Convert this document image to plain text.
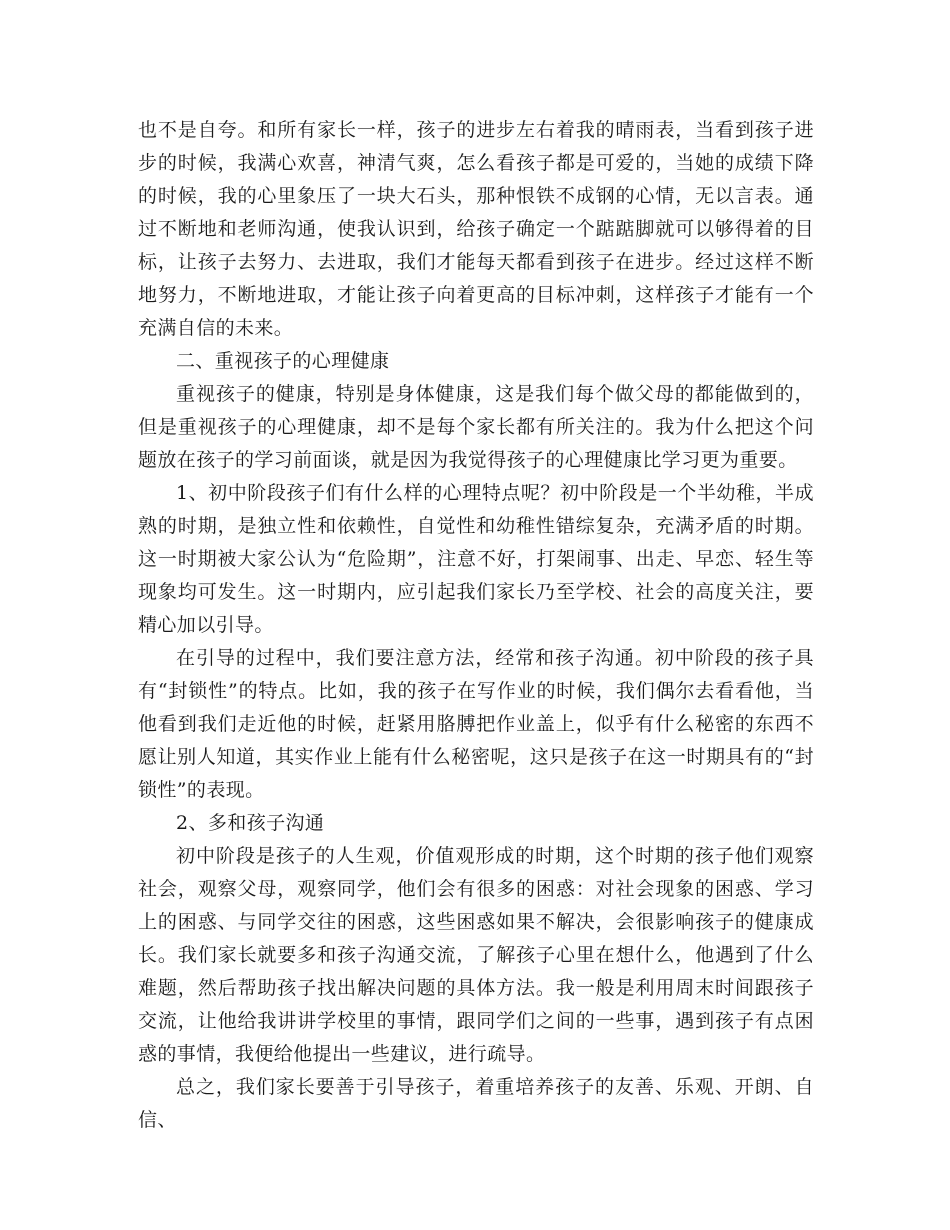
也不是自夸。和所有家长一样，孩子的进步左右着我的晴雨表，当看到孩子进步的时候，我满心欢喜，神清气爽，怎么看孩子都是可爱的，当她的成绩下降的时候，我的心里象压了一块大石头，那种恨铁不成钢的心情，无以言表。通过不断地和老师沟通，使我认识到，给孩子确定一个踮踮脚就可以够得着的目标，让孩子去努力、去进取，我们才能每天都看到孩子在进步。经过这样不断地努力，不断地进取，才能让孩子向着更高的目标冲刺，这样孩子才能有一个充满自信的未来。

二、重视孩子的心理健康

重视孩子的健康，特别是身体健康，这是我们每个做父母的都能做到的，但是重视孩子的心理健康，却不是每个家长都有所关注的。我为什么把这个问题放在孩子的学习前面谈，就是因为我觉得孩子的心理健康比学习更为重要。

1、初中阶段孩子们有什么样的心理特点呢？初中阶段是一个半幼稚，半成熟的时期，是独立性和依赖性，自觉性和幼稚性错综复杂，充满矛盾的时期。这一时期被大家公认为“危险期”，注意不好，打架闹事、出走、早恋、轻生等现象均可发生。这一时期内，应引起我们家长乃至学校、社会的高度关注，要精心加以引导。

在引导的过程中，我们要注意方法，经常和孩子沟通。初中阶段的孩子具有“封锁性”的特点。比如，我的孩子在写作业的时候，我们偶尔去看看他，当他看到我们走近他的时候，赶紧用胳膊把作业盖上，似乎有什么秘密的东西不愿让别人知道，其实作业上能有什么秘密呢，这只是孩子在这一时期具有的“封锁性”的表现。

2、多和孩子沟通

初中阶段是孩子的人生观，价值观形成的时期，这个时期的孩子他们观察社会，观察父母，观察同学，他们会有很多的困惑：对社会现象的困惑、学习上的困惑、与同学交往的困惑，这些困惑如果不解决，会很影响孩子的健康成长。我们家长就要多和孩子沟通交流，了解孩子心里在想什么，他遇到了什么难题，然后帮助孩子找出解决问题的具体方法。我一般是利用周末时间跟孩子交流，让他给我讲讲学校里的事情，跟同学们之间的一些事，遇到孩子有点困惑的事情，我便给他提出一些建议，进行疏导。

总之，我们家长要善于引导孩子，着重培养孩子的友善、乐观、开朗、自信、
